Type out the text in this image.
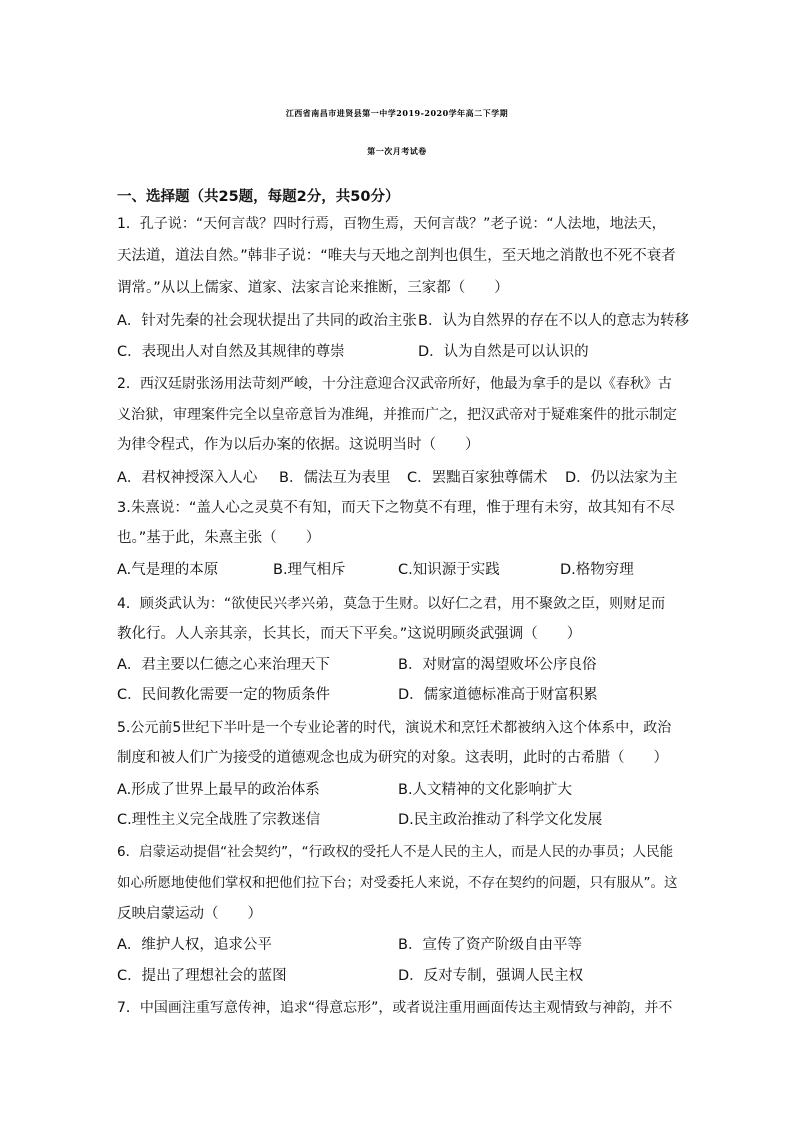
江西省南昌市进贤县第一中学2019-2020学年高二下学期
第一次月考试卷
一、选择题（共25题，每题2分，共50分）
1．孔子说：“天何言哉？四时行焉，百物生焉，天何言哉？”老子说：“人法地，地法天，
天法道，道法自然。”韩非子说：“唯夫与天地之剖判也俱生，至天地之消散也不死不衰者
谓常。”从以上儒家、道家、法家言论来推断，三家都（　　）
A．针对先秦的社会现状提出了共同的政治主张 B．认为自然界的存在不以人的意志为转移
C．表现出人对自然及其规律的尊崇	D．认为自然是可以认识的
2．西汉廷尉张汤用法苛刻严峻，十分注意迎合汉武帝所好，他最为拿手的是以《春秋》古
义治狱，审理案件完全以皇帝意旨为准绳，并推而广之，把汉武帝对于疑难案件的批示制定
为律令程式，作为以后办案的依据。这说明当时（　　）
A．君权神授深入人心 B．儒法互为表里 C．罢黜百家独尊儒术 D．仍以法家为主
3.朱熹说：“盖人心之灵莫不有知，而天下之物莫不有理，惟于理有未穷，故其知有不尽
也。”基于此，朱熹主张（　　）
A.气是理的本原	B.理气相斥	C.知识源于实践	D.格物穷理
4．顾炎武认为：“欲使民兴孝兴弟，莫急于生财。以好仁之君，用不聚敛之臣，则财足而
教化行。人人亲其亲，长其长，而天下平矣。”这说明顾炎武强调（　　）
A．君主要以仁德之心来治理天下	B．对财富的渴望败坏公序良俗
C．民间教化需要一定的物质条件	D．儒家道德标准高于财富积累
5.公元前5世纪下半叶是一个专业论著的时代，演说术和烹饪术都被纳入这个体系中，政治
制度和被人们广为接受的道德观念也成为研究的对象。这表明，此时的古希腊（　　）
A.形成了世界上最早的政治体系	B.人文精神的文化影响扩大
C.理性主义完全战胜了宗教迷信	D.民主政治推动了科学文化发展
6．启蒙运动提倡“社会契约”，“行政权的受托人不是人民的主人，而是人民的办事员；人民能
如心所愿地使他们掌权和把他们拉下台；对受委托人来说，不存在契约的问题，只有服从”。这
反映启蒙运动（　　）
A．维护人权，追求公平	B．宣传了资产阶级自由平等
C．提出了理想社会的蓝图	D．反对专制，强调人民主权
7．中国画注重写意传神，追求“得意忘形”，或者说注重用画面传达主观情致与神韵，并不
